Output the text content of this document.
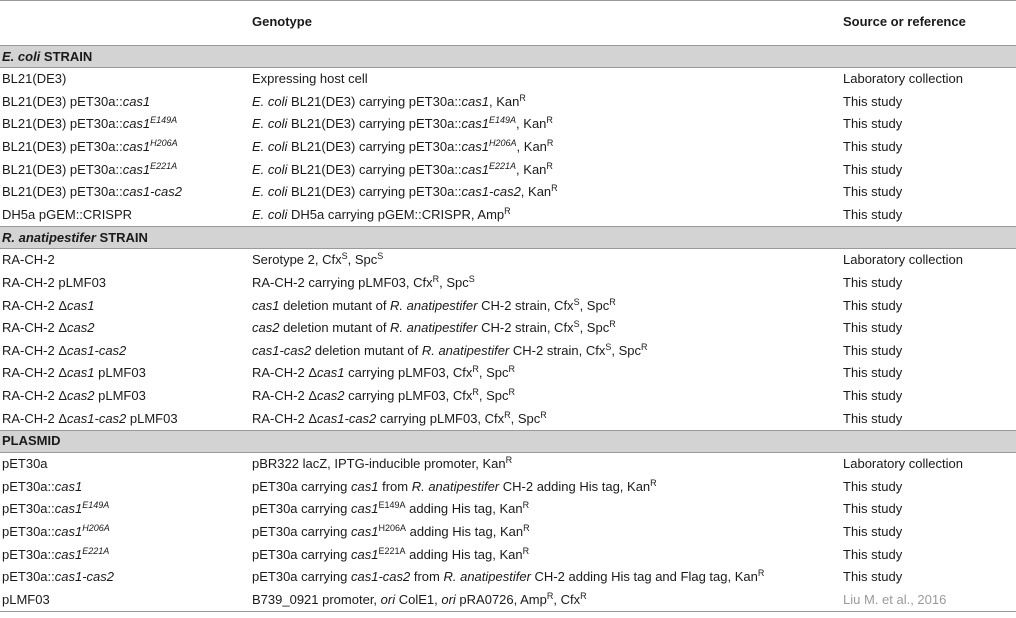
	Genotype	Source or reference
E. coli STRAIN		
BL21(DE3)	Expressing host cell	Laboratory collection
BL21(DE3) pET30a::cas1	E. coli BL21(DE3) carrying pET30a::cas1, Kan$^R$	This study
BL21(DE3) $pET30a::cas1^{E149A}$	E. coli BL21(DE3) carrying $pET30a::cas1^{E149A}$, Kan$^R$	This study
BL21(DE3) $pET30a::cas1^{H206A}$	E. coli BL21(DE3) carrying $pET30a::cas1^{H206A}$, Kan$^R$	This study
BL21(DE3) $pET30a::cas1^{E221A}$	E. coli BL21(DE3) carrying $pET30a::cas1^{E221A}$, Kan$^R$	This study
BL21(DE3) pET30a::cas1-cas2	E. coli BL21(DE3) carrying pET30a::cas1-cas2, Kan$^R$	This study
DH5a pGEM::CRISPR	E. coli DH5a carrying pGEM::CRISPR, Amp$^R$	This study
R. anatipestifer STRAIN		
RA-CH-2	Serotype 2, Cfx$^S$, Spc$^S$	Laboratory collection
RA-CH-2 pLMF03	RA-CH-2 carrying pLMF03, Cfx$^R$, Spc$^S$	This study
RA-CH-2 Δcas1	cas1 deletion mutant of R. anatipestifer CH-2 strain, Cfx$^S$, Spc$^R$	This study
RA-CH-2 Δcas2	cas2 deletion mutant of R. anatipestifer CH-2 strain, Cfx$^S$, Spc$^R$	This study
RA-CH-2 Δcas1-cas2	cas1-cas2 deletion mutant of R. anatipestifer CH-2 strain, Cfx$^S$, Spc$^R$	This study
RA-CH-2 Δcas1 pLMF03	RA-CH-2 Δcas1 carrying pLMF03, Cfx$^R$, Spc$^R$	This study
RA-CH-2 Δcas2 pLMF03	RA-CH-2 Δcas2 carrying pLMF03, Cfx$^R$, Spc$^R$	This study
RA-CH-2 Δcas1-cas2 pLMF03	RA-CH-2 Δcas1-cas2 carrying pLMF03, Cfx$^R$, Spc$^R$	This study
PLASMID		
pET30a	pBR322 lacZ, IPTG-inducible promoter, Kan$^R$	Laboratory collection
pET30a::cas1	pET30a carrying cas1 from R. anatipestifer CH-2 adding His tag, Kan$^R$	This study
$pET30a::cas1^{E149A}$	pET30a carrying $cas1^{E149A}$ adding His tag, Kan$^R$	This study
$pET30a::cas1^{H206A}$	pET30a carrying $cas1^{H206A}$ adding His tag, Kan$^R$	This study
$pET30a::cas1^{E221A}$	pET30a carrying $cas1^{E221A}$ adding His tag, Kan$^R$	This study
pET30a::cas1-cas2	pET30a carrying cas1-cas2 from R. anatipestifer CH-2 adding His tag and Flag tag, Kan$^R$	This study
pLMF03	B739_0921 promoter, ori ColE1, ori pRA0726, Amp$^R$, Cfx$^R$	Liu M. et al., 2016
